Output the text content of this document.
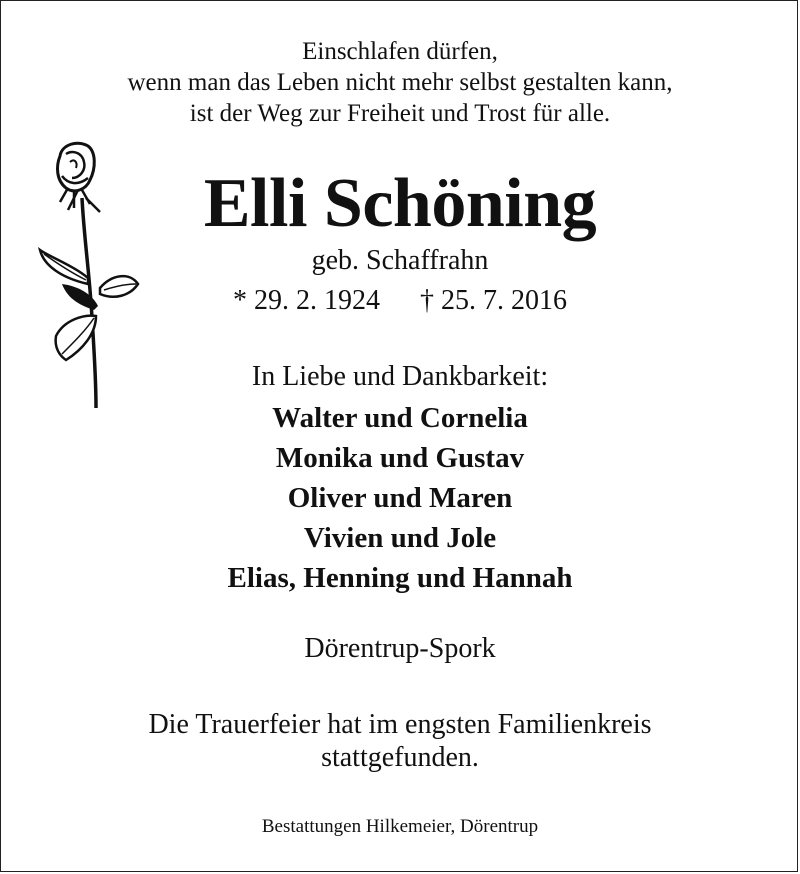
Einschlafen dürfen,
wenn man das Leben nicht mehr selbst gestalten kann,
ist der Weg zur Freiheit und Trost für alle.
Elli Schöning
geb. Schaffrahn
* 29. 2. 1924 † 25. 7. 2016
In Liebe und Dankbarkeit:
Walter und Cornelia
Monika und Gustav
Oliver und Maren
Vivien und Jole
Elias, Henning und Hannah
Dörentrup-Spork
Die Trauerfeier hat im engsten Familienkreis
stattgefunden.
Bestattungen Hilkemeier, Dörentrup
